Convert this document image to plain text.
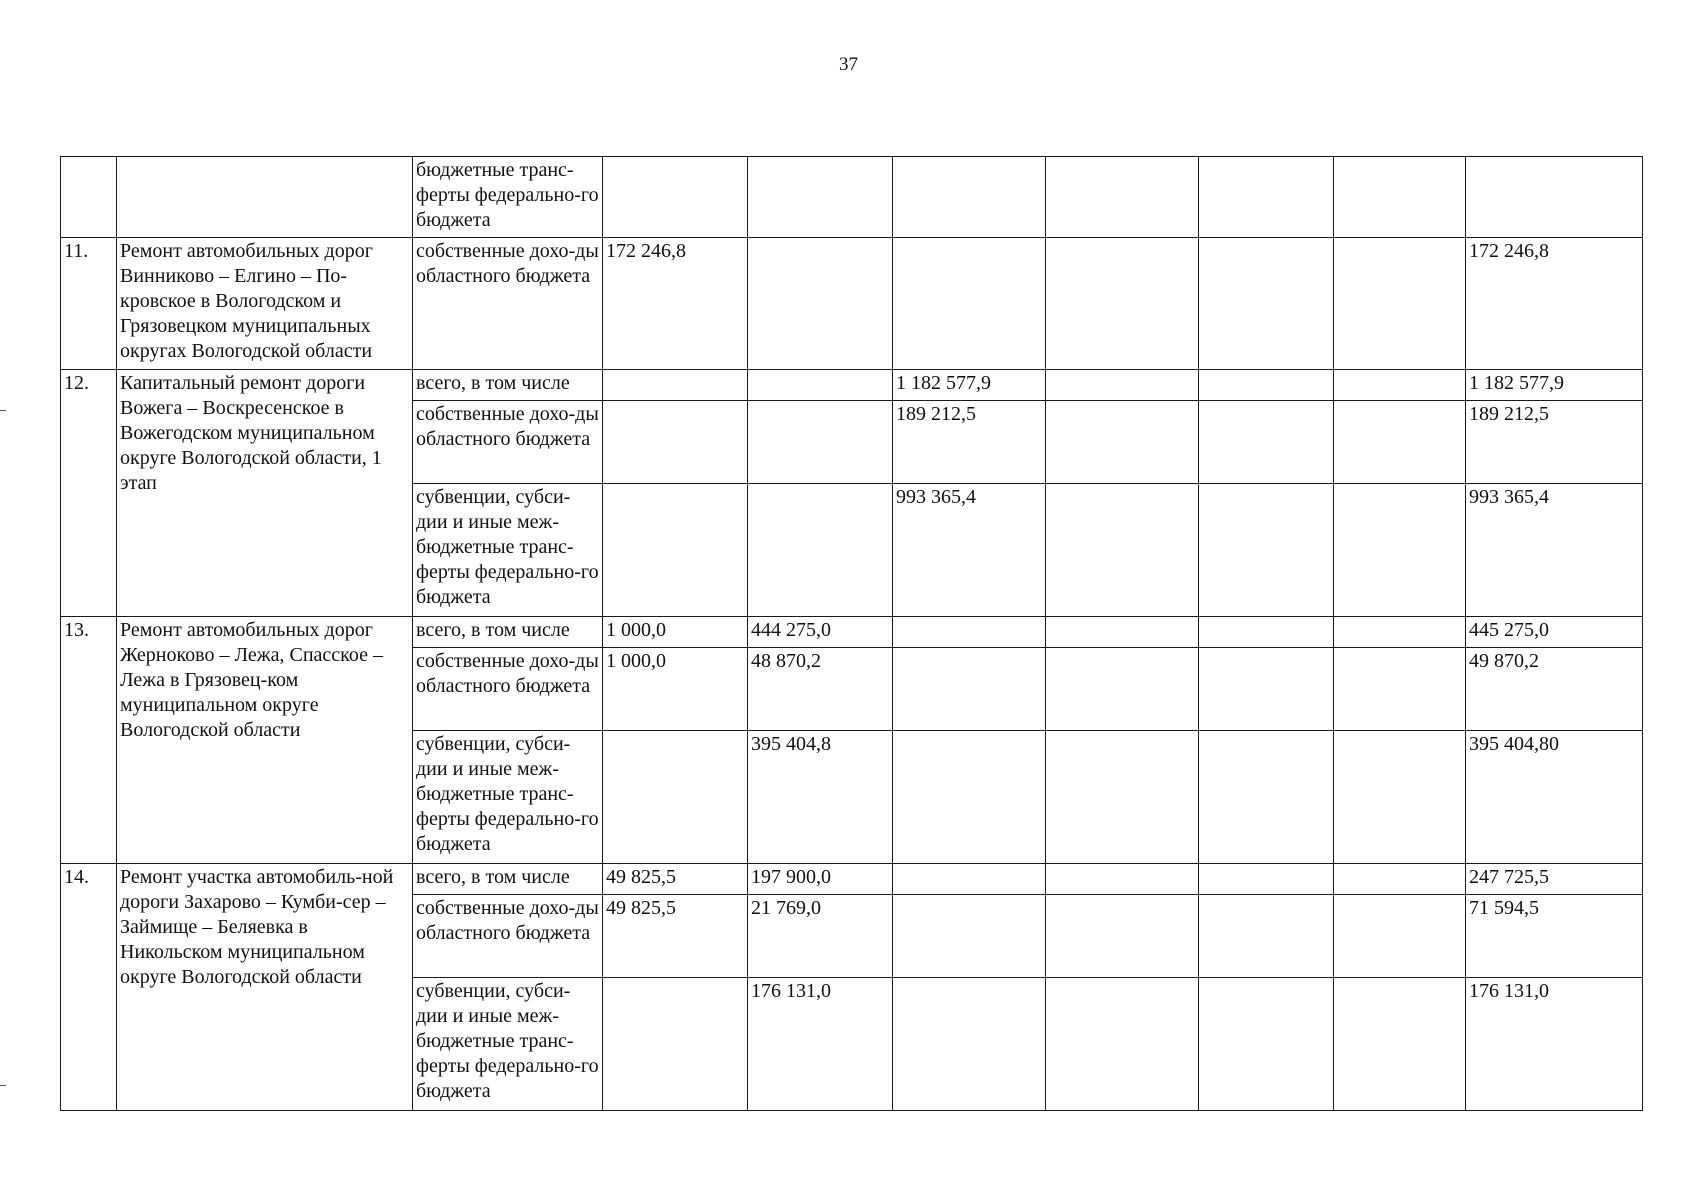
37
		бюджетные транс-ферты федерально-го бюджета							
11.	Ремонт автомобильных дорог Винниково – Елгино – По-кровское в Вологодском и Грязовецком муниципальных округах Вологодской области	собственные дохо-ды областного бюджета	172 246,8						172 246,8
12.	Капитальный ремонт дороги Вожега – Воскресенское в Вожегодском муниципальном округе Вологодской области, 1 этап	всего, в том числе			1 182 577,9				1 182 577,9
		собственные дохо-ды областного бюджета			189 212,5				189 212,5
		субвенции, субси-дии и иные меж-бюджетные транс-ферты федерально-го бюджета			993 365,4				993 365,4
13.	Ремонт автомобильных дорог Жерноково – Лежа, Спасское – Лежа в Грязовец-ком муниципальном округе Вологодской области	всего, в том числе	1 000,0	444 275,0					445 275,0
		собственные дохо-ды областного бюджета	1 000,0	48 870,2					49 870,2
		субвенции, субси-дии и иные меж-бюджетные транс-ферты федерально-го бюджета		395 404,8					395 404,80
14.	Ремонт участка автомобиль-ной дороги Захарово – Кумби-сер – Займище – Беляевка в Никольском муниципальном округе Вологодской области	всего, в том числе	49 825,5	197 900,0					247 725,5
		собственные дохо-ды областного бюджета	49 825,5	21 769,0					71 594,5
		субвенции, субси-дии и иные меж-бюджетные транс-ферты федерально-го бюджета		176 131,0					176 131,0
